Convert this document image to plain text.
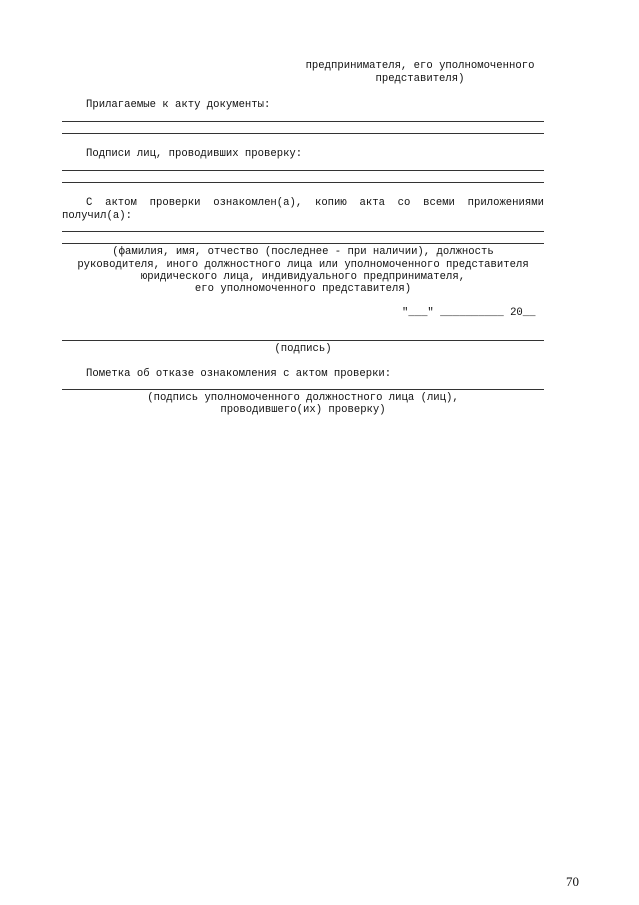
предпринимателя, его уполномоченного
представителя)
Прилагаемые к акту документы:
Подписи лиц, проводивших проверку:
С актом проверки ознакомлен(а), копию акта со всеми приложениями
получил(а):
(фамилия, имя, отчество (последнее - при наличии), должность
руководителя, иного должностного лица или уполномоченного представителя
юридического лица, индивидуального предпринимателя,
его уполномоченного представителя)
"___" __________ 20__
(подпись)
Пометка об отказе ознакомления с актом проверки:
(подпись уполномоченного должностного лица (лиц),
проводившего(их) проверку)
70
